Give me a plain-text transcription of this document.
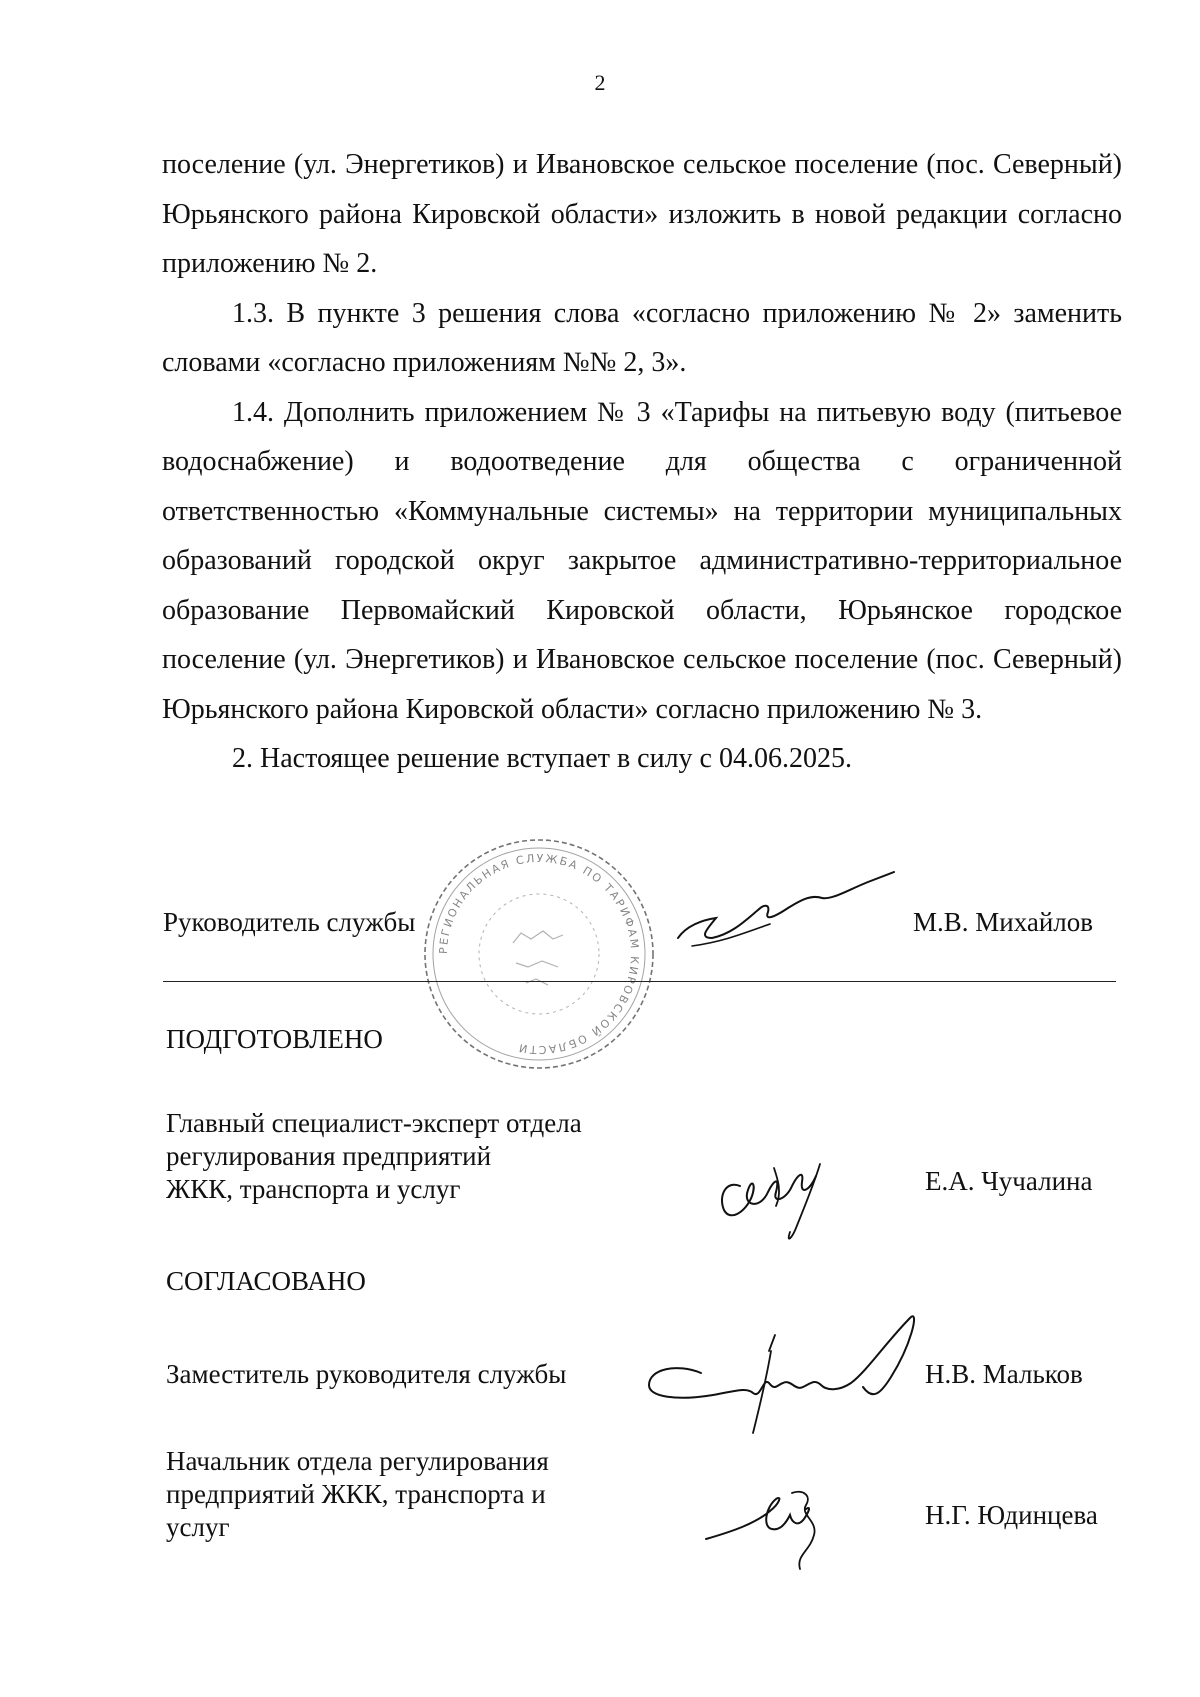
2

поселение (ул. Энергетиков) и Ивановское сельское поселение (пос. Северный) Юрьянского района Кировской области» изложить в новой редакции согласно приложению № 2.

1.3. В пункте 3 решения слова «согласно приложению № 2» заменить словами «согласно приложениям №№ 2, 3».

1.4. Дополнить приложением № 3 «Тарифы на питьевую воду (питьевое водоснабжение) и водоотведение для общества с ограниченной ответственностью «Коммунальные системы» на территории муниципальных образований городской округ закрытое административно-территориальное образование Первомайский Кировской области, Юрьянское городское поселение (ул. Энергетиков) и Ивановское сельское поселение (пос. Северный) Юрьянского района Кировской области» согласно приложению № 3.

2. Настоящее решение вступает в силу с 04.06.2025.

Руководитель службы	М.В. Михайлов
РЕГИОНАЛЬНАЯ СЛУЖБА ПО ТАРИФАМ КИРОВСКОЙ ОБЛАСТИ
ПОДГОТОВЛЕНО
Главный специалист-эксперт отдела
регулирования предприятий
ЖКК, транспорта и услуг	Е.А. Чучалина
СОГЛАСОВАНО
Заместитель руководителя службы	Н.В. Мальков
Начальник отдела регулирования
предприятий ЖКК, транспорта и
услуг	Н.Г. Юдинцева
